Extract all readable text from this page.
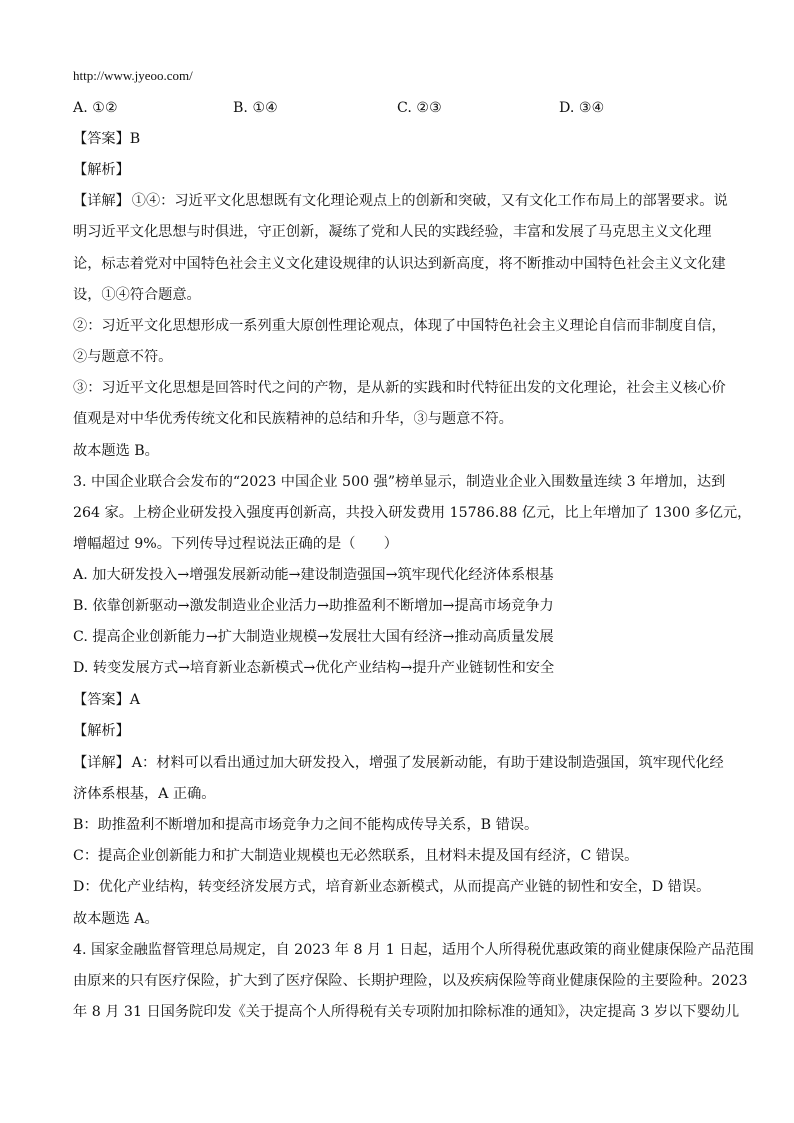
http://www.jyeoo.com/
A. ①②	B. ①④	C. ②③	D. ③④
【答案】B
【解析】
【详解】 ①④：习近平文化思想既有文化理论观点上的创新和突破，又有文化工作布局上的部署要求。说
明习近平文化思想与时俱进，守正创新，凝练了党和人民的实践经验，丰富和发展了马克思主义文化理
论，标志着党对中国特色社会主义文化建设规律的认识达到新高度，将不断推动中国特色社会主义文化建
设，①④符合题意。
②：习近平文化思想形成一系列重大原创性理论观点，体现了中国特色社会主义理论自信而非制度自信，
②与题意不符。
③：习近平文化思想是回答时代之问的产物，是从新的实践和时代特征出发的文化理论，社会主义核心价
值观是对中华优秀传统文化和民族精神的总结和升华，③与题意不符。
故本题选 B。
3. 中国企业联合会发布的“2023 中国企业 500 强”榜单显示，制造业企业入围数量连续 3 年增加，达到
264 家。上榜企业研发投入强度再创新高，共投入研发费用 15786.88 亿元，比上年增加了 1300 多亿元，
增幅超过 9%。下列传导过程说法正确的是（　　）
A. 加大研发投入→增强发展新动能→建设制造强国→筑牢现代化经济体系根基
B. 依靠创新驱动→激发制造业企业活力→助推盈利不断增加→提高市场竞争力
C. 提高企业创新能力→扩大制造业规模→发展壮大国有经济→推动高质量发展
D. 转变发展方式→培育新业态新模式→优化产业结构→提升产业链韧性和安全
【答案】A
【解析】
【详解】 A：材料可以看出通过加大研发投入，增强了发展新动能，有助于建设制造强国，筑牢现代化经
济体系根基，A 正确。
B：助推盈利不断增加和提高市场竞争力之间不能构成传导关系，B 错误。
C：提高企业创新能力和扩大制造业规模也无必然联系，且材料未提及国有经济，C 错误。
D：优化产业结构，转变经济发展方式，培育新业态新模式，从而提高产业链的韧性和安全，D 错误。
故本题选 A。
4. 国家金融监督管理总局规定，自 2023 年 8 月 1 日起，适用个人所得税优惠政策的商业健康保险产品范围
由原来的只有医疗保险，扩大到了医疗保险、长期护理险，以及疾病保险等商业健康保险的主要险种。2023
年 8 月 31 日国务院印发《关于提高个人所得税有关专项附加扣除标准的通知》，决定提高 3 岁以下婴幼儿
